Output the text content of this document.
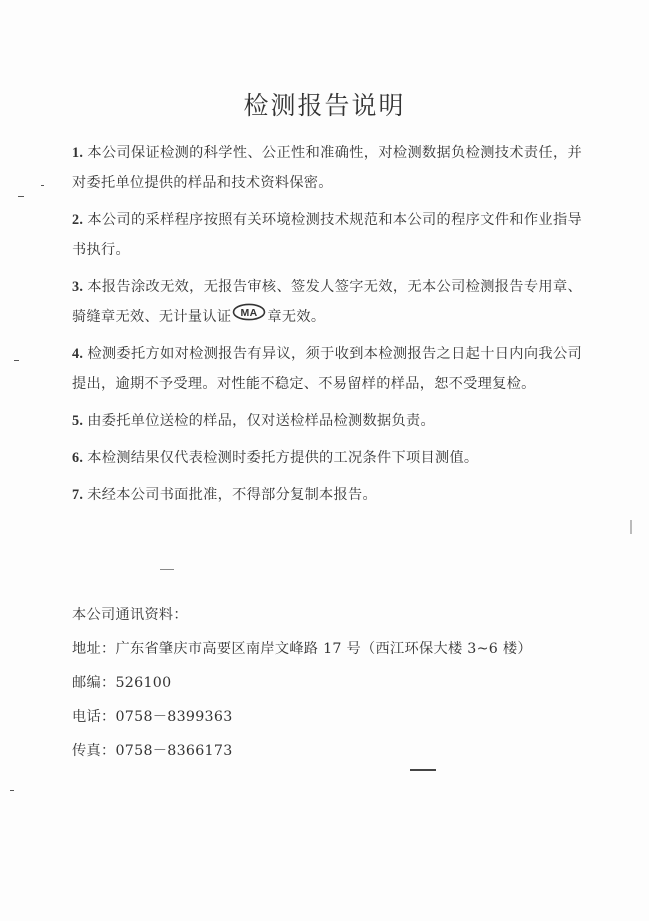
检测报告说明

1. 本公司保证检测的科学性、公正性和准确性，对检测数据负检测技术责任，并对委托单位提供的样品和技术资料保密。

2. 本公司的采样程序按照有关环境检测技术规范和本公司的程序文件和作业指导书执行。

3. 本报告涂改无效，无报告审核、签发人签字无效，无本公司检测报告专用章、骑缝章无效、无计量认证 MA 章无效。

4. 检测委托方如对检测报告有异议，须于收到本检测报告之日起十日内向我公司提出，逾期不予受理。对性能不稳定、不易留样的样品，恕不受理复检。

5. 由委托单位送检的样品，仅对送检样品检测数据负责。

6. 本检测结果仅代表检测时委托方提供的工况条件下项目测值。

7. 未经本公司书面批准，不得部分复制本报告。

本公司通讯资料：
地址：广东省肇庆市高要区南岸文峰路 17 号（西江环保大楼 3~6 楼）
邮编：526100
电话：0758－8399363
传真：0758－8366173
